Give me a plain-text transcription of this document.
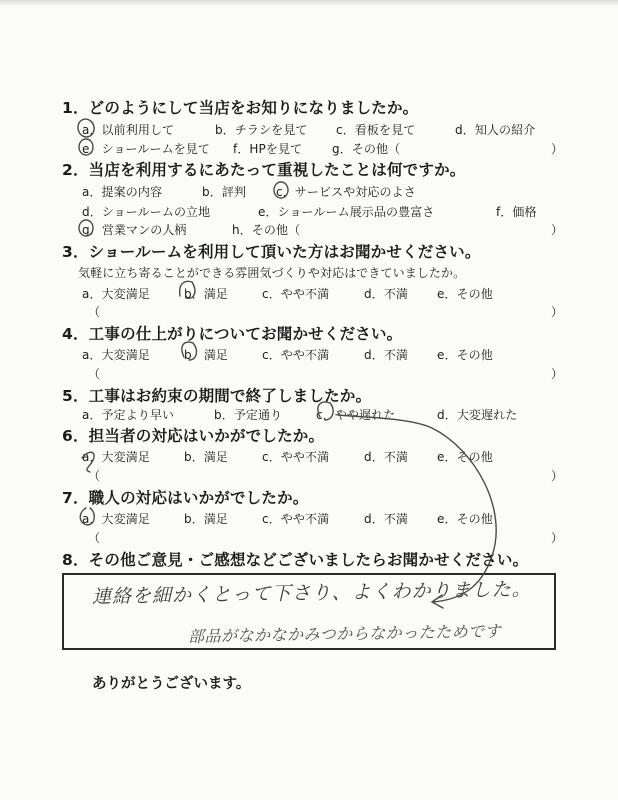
1．どのようにして当店をお知りになりましたか。
a．以前利用して	b．チラシを見て c．看板を見て	d．知人の紹介
e．ショールームを見て f．HPを見て g．その他（	）
2．当店を利用するにあたって重視したことは何ですか。
a．提案の内容	b．評判 c．サービスや対応のよさ
d．ショールームの立地	e．ショールーム展示品の豊富さ	f．価格
g．営業マンの人柄	h．その他（	）
3．ショールームを利用して頂いた方はお聞かせください。
気軽に立ち寄ることができる雰囲気づくりや対応はできていましたか。
a．大変満足	b．満足	c．やや不満	d．不満 e．その他
（	）
4．工事の仕上がりについてお聞かせください。
a．大変満足	b．満足	c．やや不満	d．不満 e．その他
（	）
5．工事はお約束の期間で終了しましたか。
a．予定より早い	b．予定通り	c．やや遅れた	d．大変遅れた
6．担当者の対応はいかがでしたか。
a．大変満足	b．満足	c．やや不満	d．不満 e．その他
（	）
7．職人の対応はいかがでしたか。
a．大変満足	b．満足	c．やや不満	d．不満 e．その他
（	）
8．その他ご意見・ご感想などございましたらお聞かせください。
連絡を細かくとって下さり、よくわかりました。
部品がなかなかみつからなかったためです
ありがとうございます。
